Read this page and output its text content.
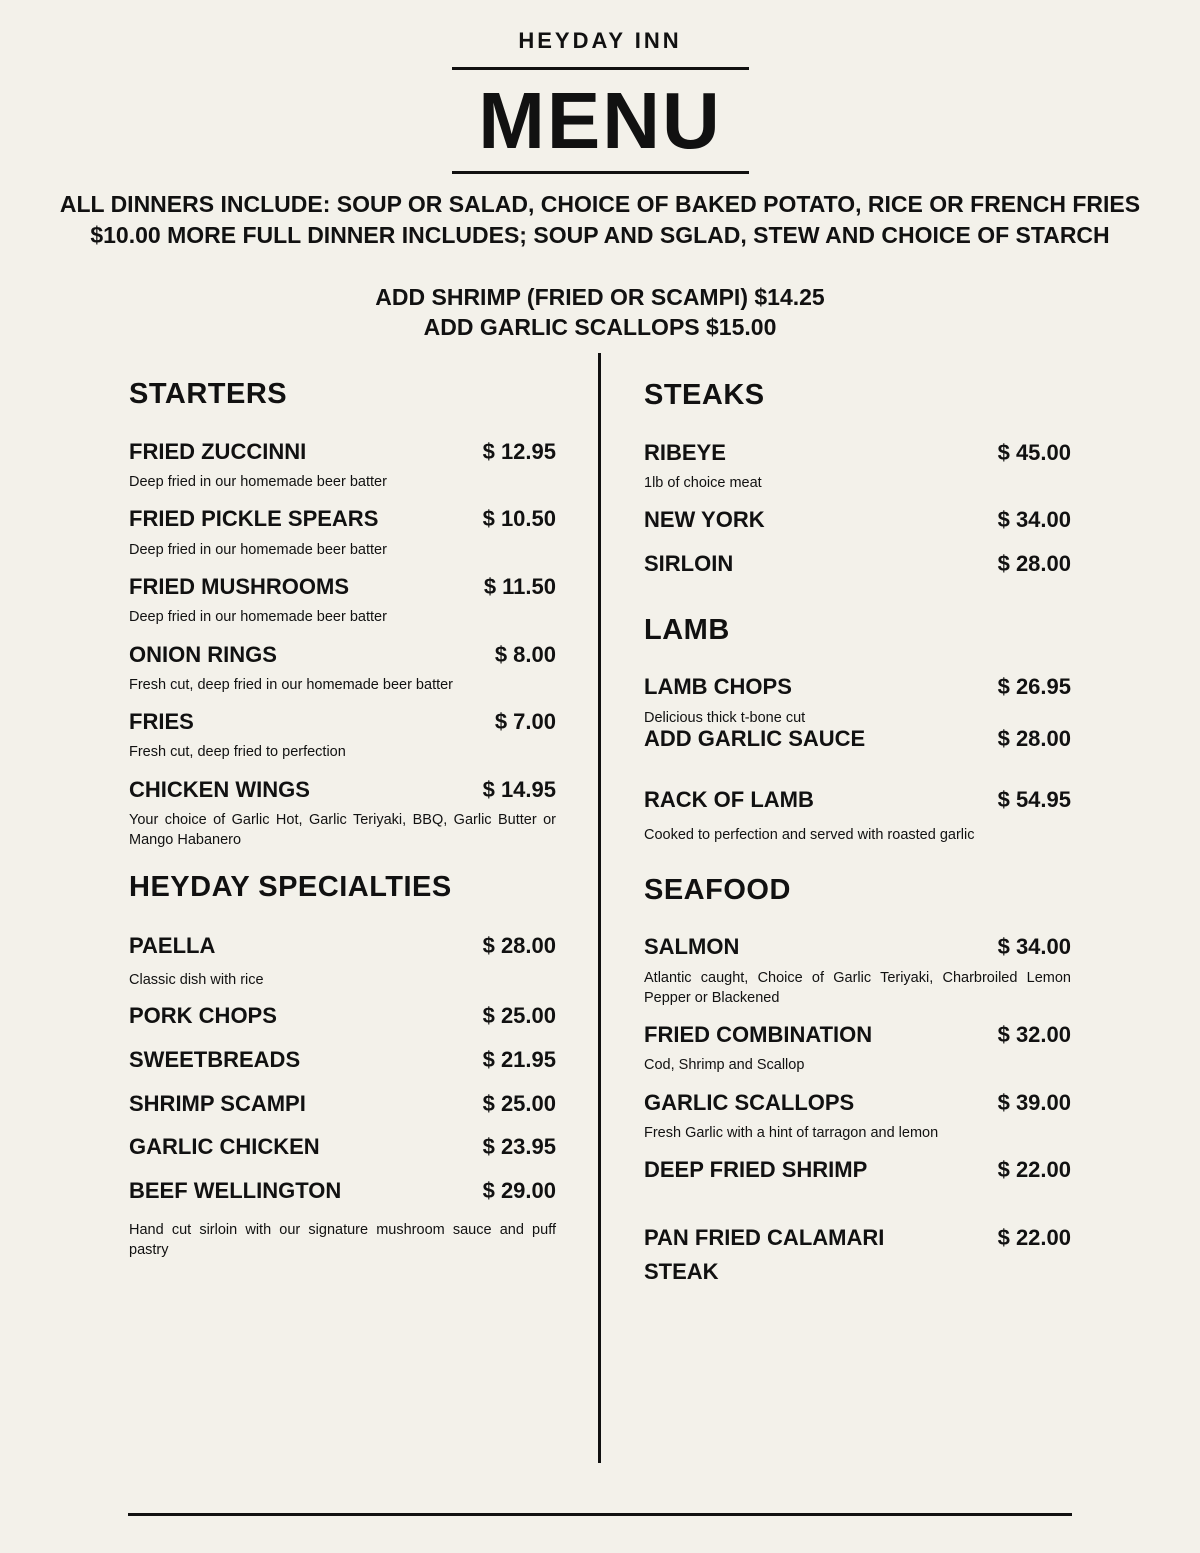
HEYDAY INN
MENU
ALL DINNERS INCLUDE: SOUP OR SALAD, CHOICE OF BAKED POTATO, RICE OR FRENCH FRIES
$10.00 MORE FULL DINNER INCLUDES; SOUP AND SGLAD, STEW AND CHOICE OF STARCH
ADD SHRIMP (FRIED OR SCAMPI) $14.25
ADD GARLIC SCALLOPS $15.00
STARTERS
FRIED ZUCCINNI	$ 12.95
Deep fried in our homemade beer batter
FRIED PICKLE SPEARS	$ 10.50
Deep fried in our homemade beer batter
FRIED MUSHROOMS	$ 11.50
Deep fried in our homemade beer batter
ONION RINGS	$ 8.00
Fresh cut, deep fried in our homemade beer batter
FRIES	$ 7.00
Fresh cut, deep fried to perfection
CHICKEN WINGS	$ 14.95
Your choice of Garlic Hot, Garlic Teriyaki, BBQ, Garlic Butter or Mango Habanero
HEYDAY SPECIALTIES
PAELLA	$ 28.00
Classic dish with rice
PORK CHOPS	$ 25.00
SWEETBREADS	$ 21.95
SHRIMP SCAMPI	$ 25.00
GARLIC CHICKEN	$ 23.95
BEEF WELLINGTON	$ 29.00
Hand cut sirloin with our signature mushroom sauce and puff pastry
STEAKS
RIBEYE	$ 45.00
1lb of choice meat
NEW YORK	$ 34.00
SIRLOIN	$ 28.00
LAMB
LAMB CHOPS	$ 26.95
Delicious thick t-bone cut
ADD GARLIC SAUCE	$ 28.00
RACK OF LAMB	$ 54.95
Cooked to perfection and served with roasted garlic
SEAFOOD
SALMON	$ 34.00
Atlantic caught, Choice of Garlic Teriyaki, Charbroiled Lemon Pepper or Blackened
FRIED COMBINATION	$ 32.00
Cod, Shrimp and Scallop
GARLIC SCALLOPS	$ 39.00
Fresh Garlic with a hint of tarragon and lemon
DEEP FRIED SHRIMP	$ 22.00
PAN FRIED CALAMARI	$ 22.00
STEAK
